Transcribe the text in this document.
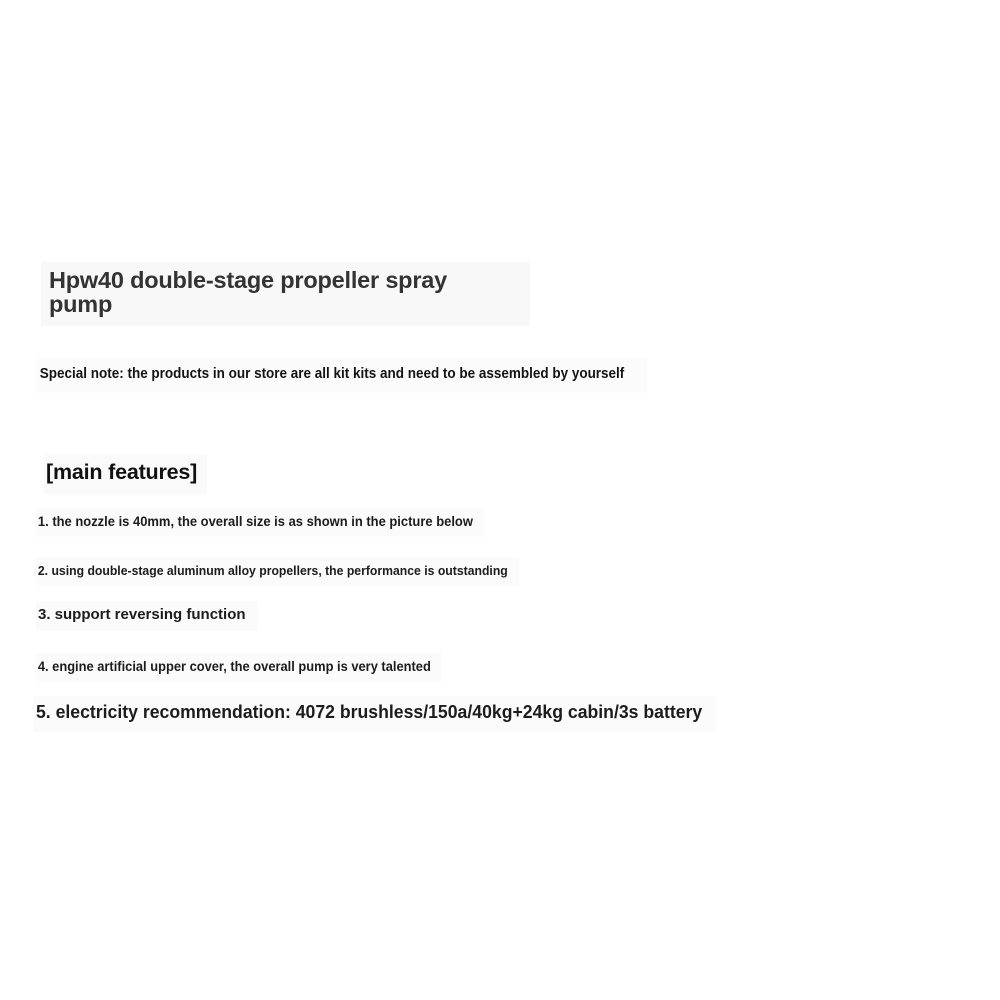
Hpw40 double-stage propeller spray pump
Special note: the products in our store are all kit kits and need to be assembled by yourself
[main features]
1. the nozzle is 40mm, the overall size is as shown in the picture below
2. using double-stage aluminum alloy propellers, the performance is outstanding
3. support reversing function
4. engine artificial upper cover, the overall pump is very talented
5. electricity recommendation: 4072 brushless/150a/40kg+24kg cabin/3s battery
